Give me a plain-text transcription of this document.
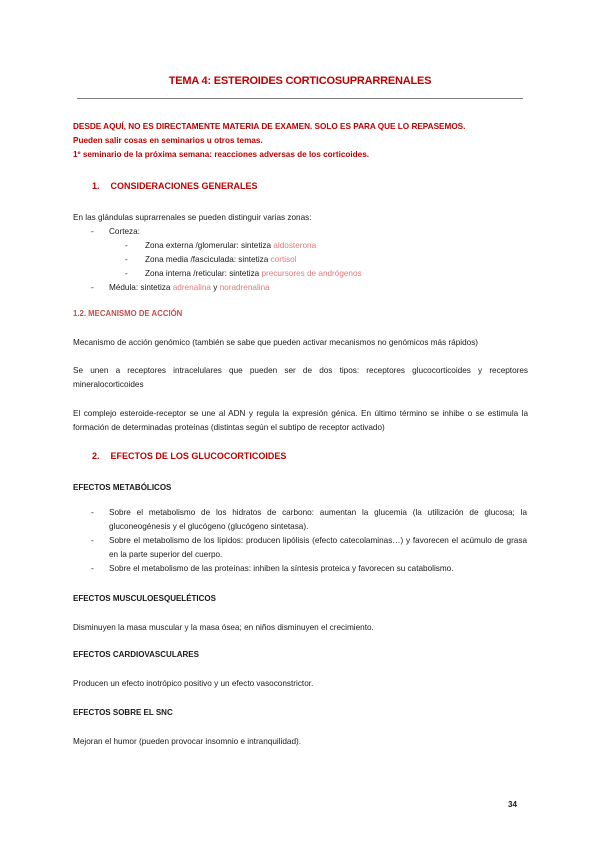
TEMA 4: ESTEROIDES CORTICOSUPRARRENALES

DESDE AQUÍ, NO ES DIRECTAMENTE MATERIA DE EXAMEN. SOLO ES PARA QUE LO REPASEMOS.

Pueden salir cosas en seminarios u otros temas.

1º seminario de la próxima semana: reacciones adversas de los corticoides.

1. CONSIDERACIONES GENERALES

En las glándulas suprarrenales se pueden distinguir varias zonas:

- Corteza:

- Zona externa /glomerular: sintetiza aldosterona

- Zona media /fasciculada: sintetiza cortisol

- Zona interna /reticular: sintetiza precursores de andrógenos

- Médula: sintetiza adrenalina y noradrenalina

1.2. MECANISMO DE ACCIÓN

Mecanismo de acción genómico (también se sabe que pueden activar mecanismos no genómicos más rápidos)

Se unen a receptores intracelulares que pueden ser de dos tipos: receptores glucocorticoides y receptores mineralocorticoides

El complejo esteroide-receptor se une al ADN y regula la expresión génica. En último término se inhibe o se estimula la formación de determinadas proteínas (distintas según el subtipo de receptor activado)

2. EFECTOS DE LOS GLUCOCORTICOIDES

EFECTOS METABÓLICOS

- Sobre el metabolismo de los hidratos de carbono: aumentan la glucemia (la utilización de glucosa; la gluconeogénesis y el glucógeno (glucógeno sintetasa).

- Sobre el metabolismo de los lípidos: producen lipólisis (efecto catecolaminas…) y favorecen el acúmulo de grasa en la parte superior del cuerpo.

- Sobre el metabolismo de las proteínas: inhiben la síntesis proteica y favorecen su catabolismo.

EFECTOS MUSCULOESQUELÉTICOS

Disminuyen la masa muscular y la masa ósea; en niños disminuyen el crecimiento.

EFECTOS CARDIOVASCULARES

Producen un efecto inotrópico positivo y un efecto vasoconstrictor.

EFECTOS SOBRE EL SNC

Mejoran el humor (pueden provocar insomnio e intranquilidad).

34
